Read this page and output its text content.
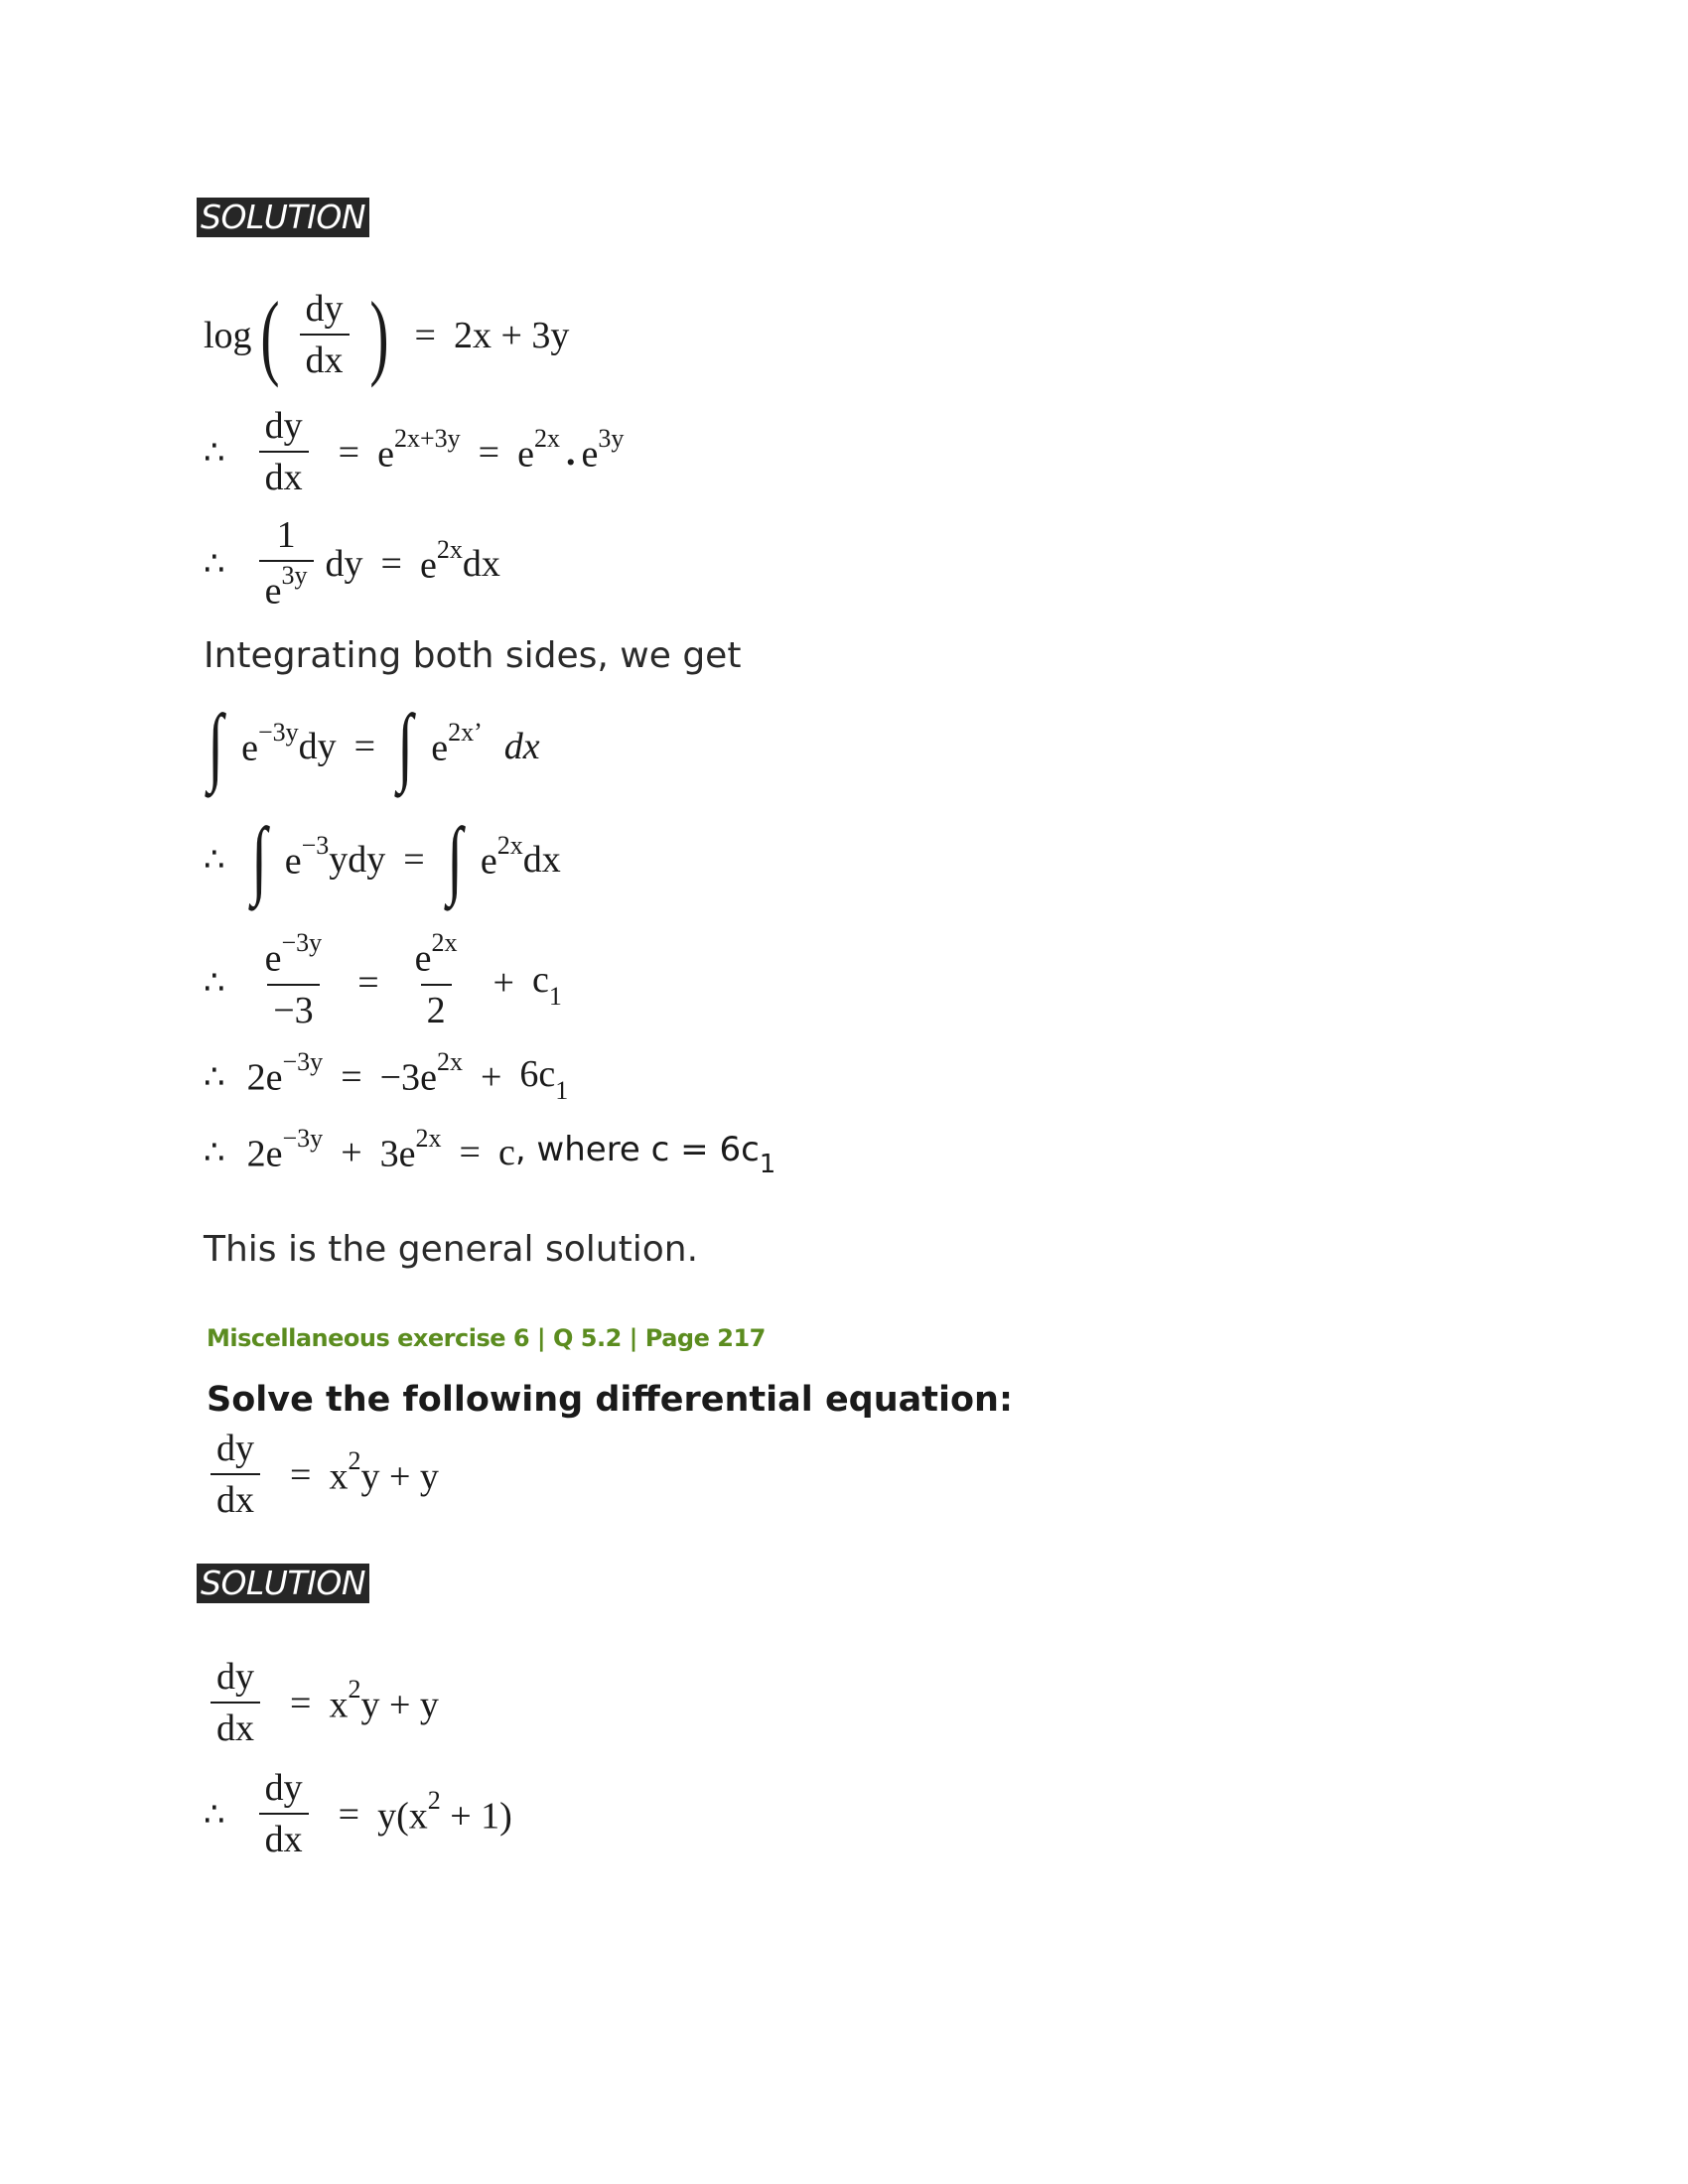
SOLUTION
log ( $\frac{dy}{dx}$ ) = 2x + 3y
∴ $\frac{dy}{dx} = e^{2x+3y} = e^{2x}$ . $e^{3y}$
∴ $\frac{1}{e^{3y}}$ dy = $e^{2x}$ dx
Integrating both sides, we get
∫ $e^{-3y}$ dy = ∫ $e^{2x’}$ dx
∴ ∫ $e^{-3}$ ydy = ∫ $e^{2x}$ dx
∴ $\frac{e^{-3y}}{-3} = \frac{e^{2x}}{2} + c_1$
∴ $2e^{-3y} = -3e^{2x} + 6c_1$
∴ $2e^{-3y} + 3e^{2x} = c$ , where $c = 6c_1$
This is the general solution.
Miscellaneous exercise 6 | Q 5.2 | Page 217
Solve the following differential equation:
$\frac{dy}{dx} = x^2y + y$
SOLUTION
$\frac{dy}{dx} = x^2y + y$
∴ $\frac{dy}{dx} = y(x^2 + 1)$
